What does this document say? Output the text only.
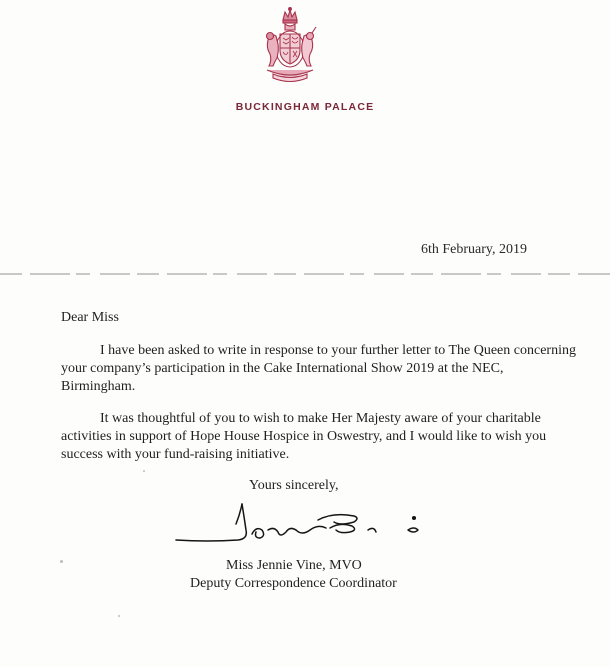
BUCKINGHAM PALACE
6th February, 2019
Dear Miss

I have been asked to write in response to your further letter to The Queen concerning your company’s participation in the Cake International Show 2019 at the NEC, Birmingham.

It was thoughtful of you to wish to make Her Majesty aware of your charitable activities in support of Hope House Hospice in Oswestry, and I would like to wish you success with your fund-raising initiative.

Yours sincerely,
Miss Jennie Vine, MVO
Deputy Correspondence Coordinator
